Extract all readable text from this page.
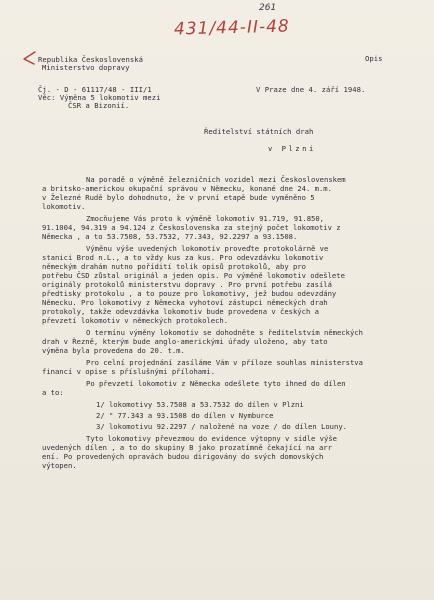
261
431/44-II-48
Republika Československá
Ministerstvo dopravy
Opis
Čj. - D - 61117/48 - III/1
Věc: Výměna 5 lokomotiv mezi
ČSR a Bizonií.
V Praze dne 4. září 1948.
Ředitelství státních drah
v Plzni
Na poradě o výměně železničních vozidel mezi Československem
a britsko-americkou okupační správou v Německu, konané dne 24. m.m.
v Železné Rudě bylo dohodnuto, že v první etapě bude vyměněno 5
lokomotiv.
Zmocňujeme Vás proto k výměně lokomotiv 91.719, 91.850,
91.1004, 94.319 a 94.124 z Československa za stejný počet lokomotiv z
Německa , a to 53.7508, 53.7532, 77.343, 92.2297 a 93.1508.
Výměnu výše uvedených lokomotiv proveďte protokolárně ve
stanici Brod n.L., a to vždy kus za kus. Pro odevzdávku lokomotiv
německým drahám nutno pořídití tolik opisů protokolů, aby pro
potřebu ČSD zůstal originál a jeden opis. Po výměně lokomotiv odešlete
originály protokolů ministerstvu dopravy . Pro první potřebu zasílá
předtisky protokolu , a to pouze pro lokomotivy, jež budou odevzdány
Německu. Pro lokomotivy z Německa vyhotoví zástupci německých drah
protokoly, takže odevzdávka lokomotiv bude provedena v českých a
převzetí lokomotiv v německých protokolech.
O termínu výměny lokomotiv se dohodněte s ředitelstvím německých
drah v Řezně, kterým bude anglo-americkými úřady uloženo, aby tato
výměna byla provedena do 20. t.m.
Pro celní projednání zasíláme Vám v příloze souhlas ministerstva
financí v opise s příslušnými přílohami.
Po převzetí lokomotiv z Německa odešlete tyto ihned do dílen
a to:
1/ lokomotivy 53.7508 a 53.7532 do dílen v Plzni
2/ " 77.343 a 93.1508 do dílen v Nymburce
3/ lokomotivu 92.2297 / naložené na voze / do dílen Louny.
Tyto lokomotivy převezmou do evidence výtopny v sídle výše
uvedených dílen , a to do skupiny B jako prozatímně čekající na arr
ení. Po provedených opravách budou dirigovány do svých domovských
výtopen.
